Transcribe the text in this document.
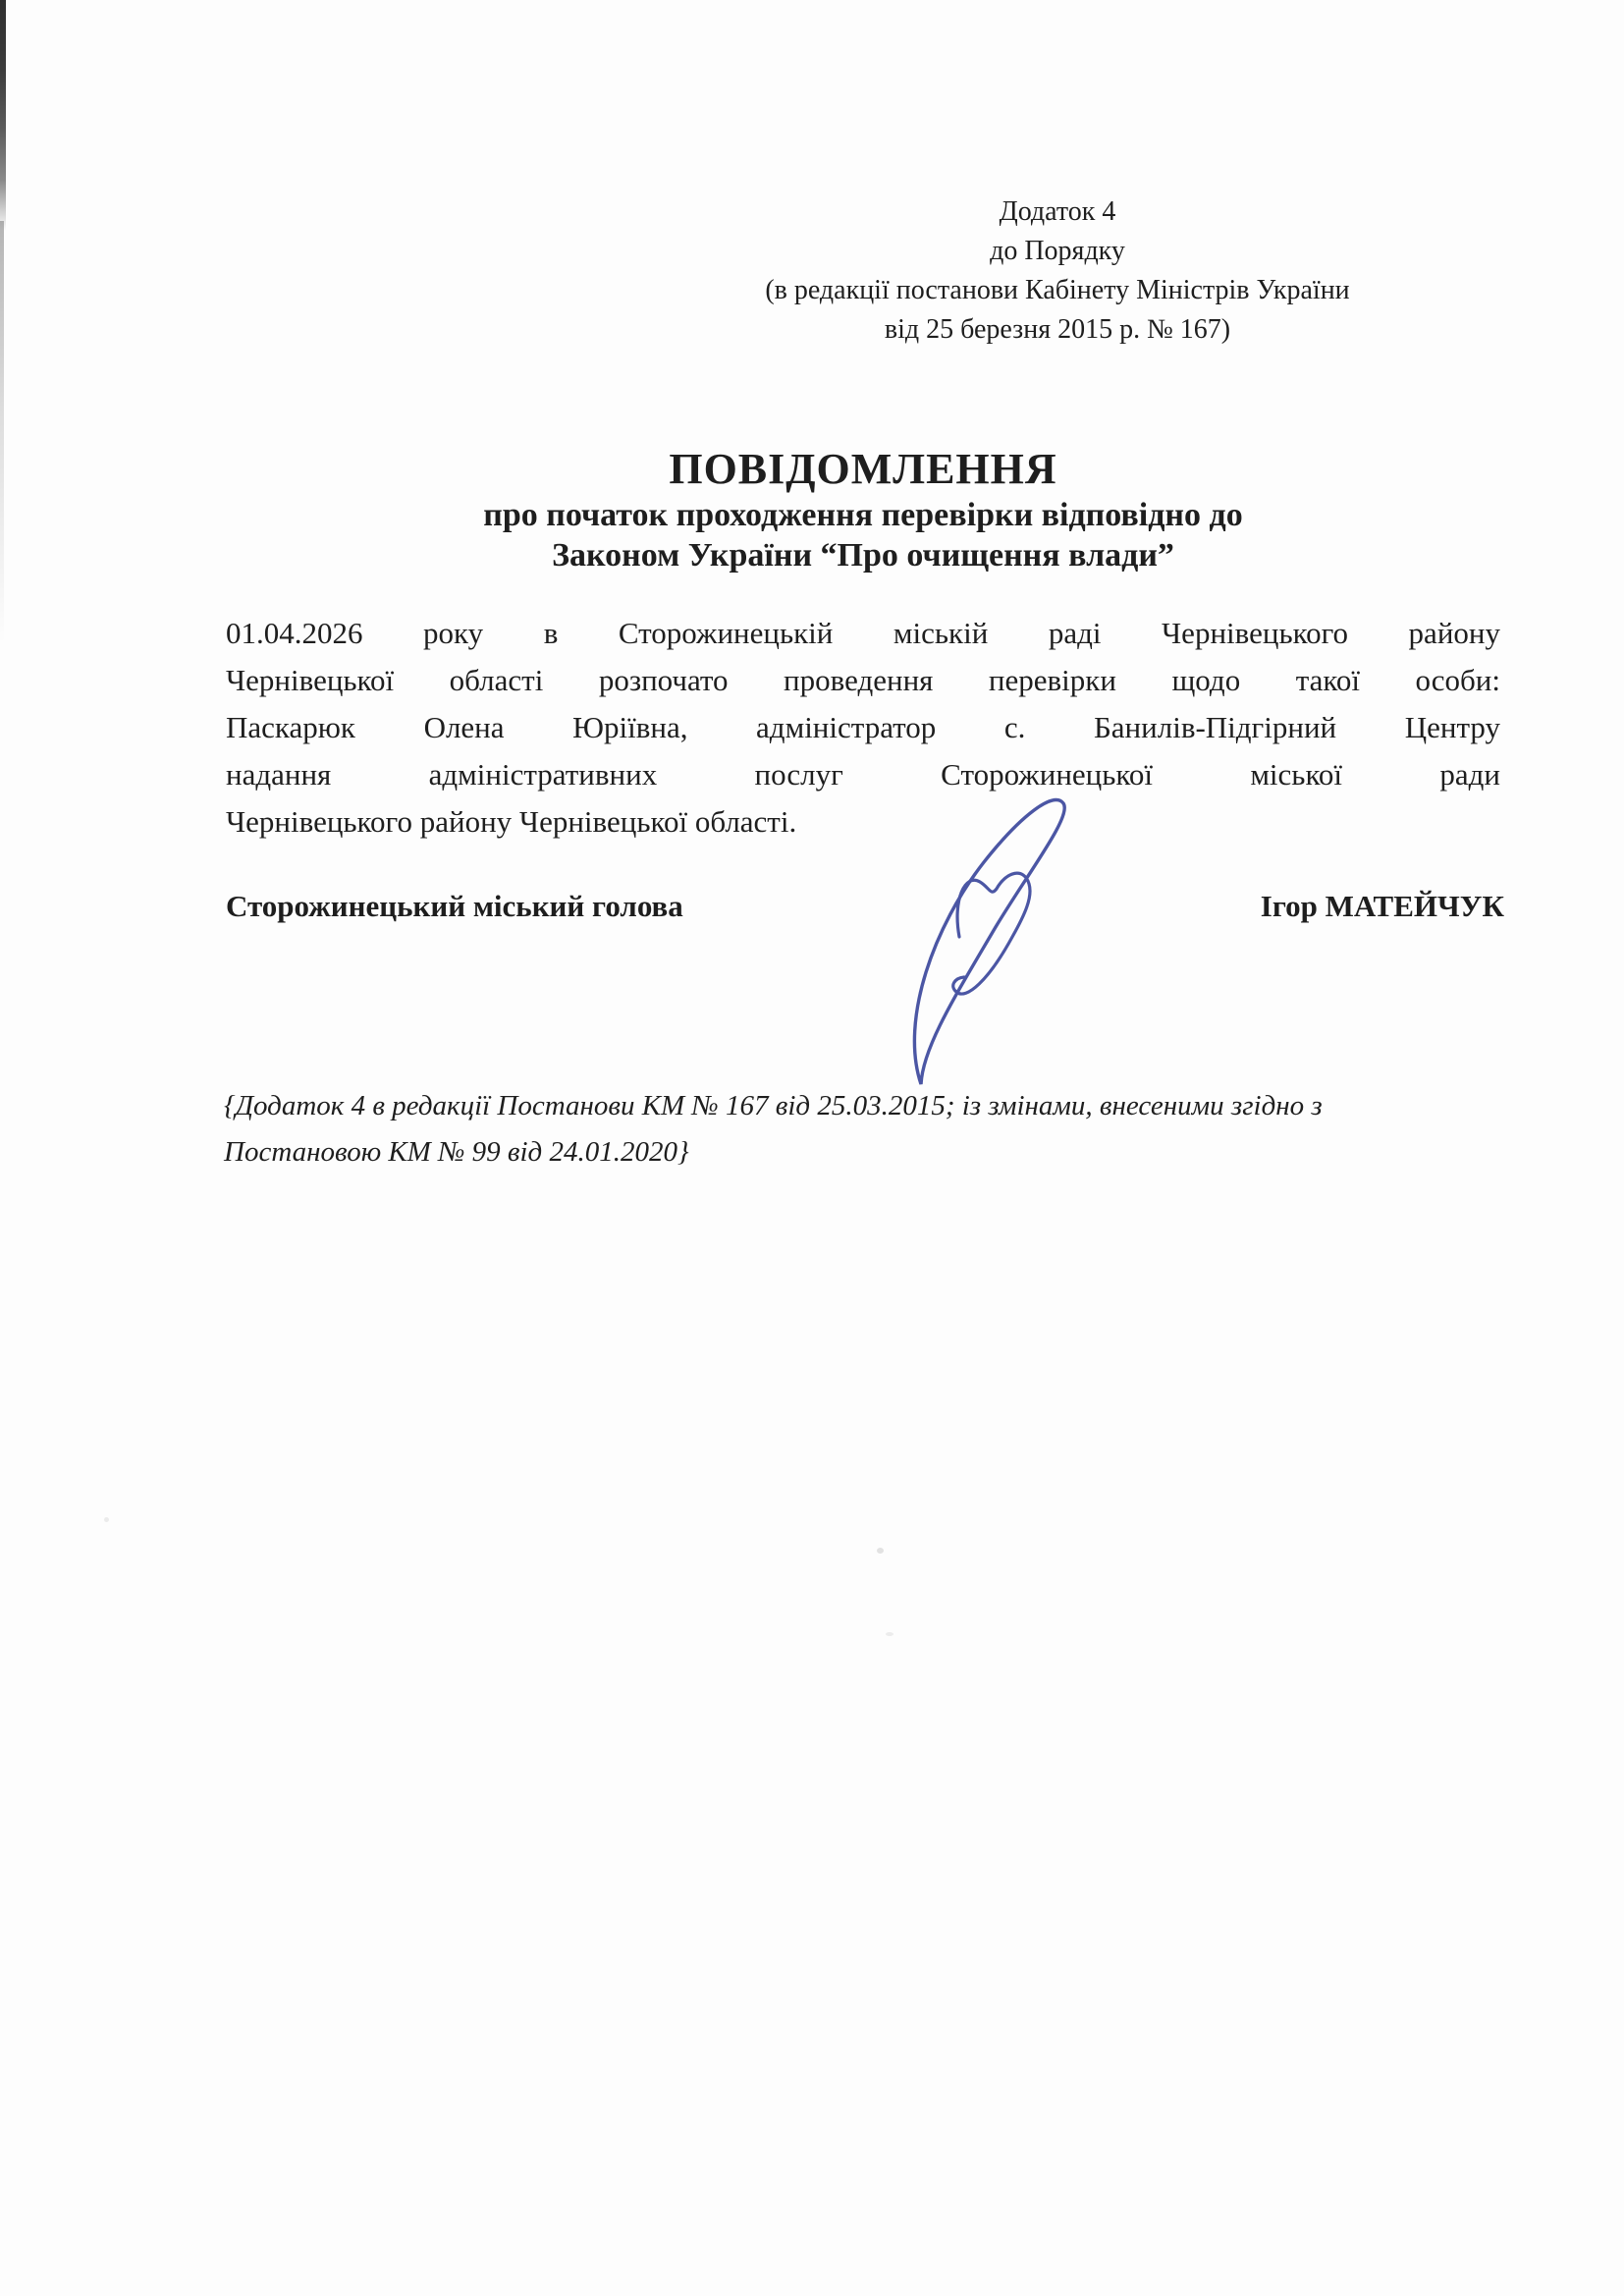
Додаток 4
до Порядку
(в редакції постанови Кабінету Міністрів України
від 25 березня 2015 р. № 167)
ПОВІДОМЛЕННЯ
про початок проходження перевірки відповідно до
Законом України “Про очищення влади”
01.04.2026 року в Сторожинецькій міській раді Чернівецького району
Чернівецької області розпочато проведення перевірки щодо такої особи:
Паскарюк Олена Юріївна, адміністратор с. Банилів-Підгірний Центру
надання адміністративних послуг Сторожинецької міської ради
Чернівецького району Чернівецької області.
Сторожинецький міський голова	Ігор МАТЕЙЧУК
{Додаток 4 в редакції Постанови КМ № 167 від 25.03.2015; із змінами, внесеними згідно з
Постановою КМ № 99 від 24.01.2020}
